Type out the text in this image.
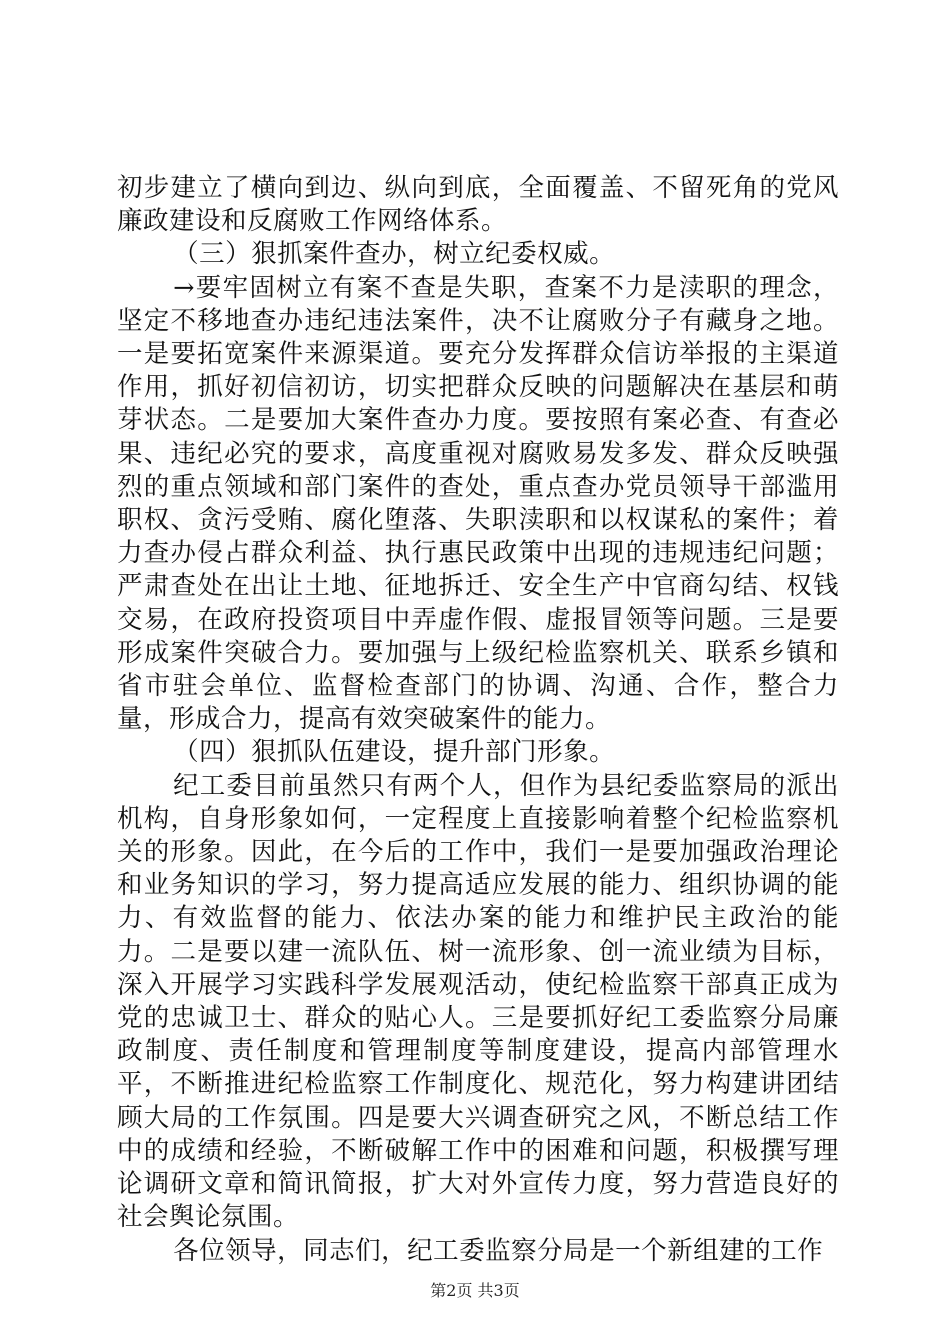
初步建立了横向到边、纵向到底，全面覆盖、不留死角的党风廉政建设和反腐败工作网络体系。

（三）狠抓案件查办，树立纪委权威。

→要牢固树立有案不查是失职，查案不力是渎职的理念，坚定不移地查办违纪违法案件，决不让腐败分子有藏身之地。一是要拓宽案件来源渠道。要充分发挥群众信访举报的主渠道作用，抓好初信初访，切实把群众反映的问题解决在基层和萌芽状态。二是要加大案件查办力度。要按照有案必查、有查必果、违纪必究的要求，高度重视对腐败易发多发、群众反映强烈的重点领域和部门案件的查处，重点查办党员领导干部滥用职权、贪污受贿、腐化堕落、失职渎职和以权谋私的案件；着力查办侵占群众利益、执行惠民政策中出现的违规违纪问题；严肃查处在出让土地、征地拆迁、安全生产中官商勾结、权钱交易，在政府投资项目中弄虚作假、虚报冒领等问题。三是要形成案件突破合力。要加强与上级纪检监察机关、联系乡镇和省市驻会单位、监督检查部门的协调、沟通、合作，整合力量，形成合力，提高有效突破案件的能力。

（四）狠抓队伍建设，提升部门形象。

纪工委目前虽然只有两个人，但作为县纪委监察局的派出机构，自身形象如何，一定程度上直接影响着整个纪检监察机关的形象。因此，在今后的工作中，我们一是要加强政治理论和业务知识的学习，努力提高适应发展的能力、组织协调的能力、有效监督的能力、依法办案的能力和维护民主政治的能力。二是要以建一流队伍、树一流形象、创一流业绩为目标，深入开展学习实践科学发展观活动，使纪检监察干部真正成为党的忠诚卫士、群众的贴心人。三是要抓好纪工委监察分局廉政制度、责任制度和管理制度等制度建设，提高内部管理水平，不断推进纪检监察工作制度化、规范化，努力构建讲团结顾大局的工作氛围。四是要大兴调查研究之风，不断总结工作中的成绩和经验，不断破解工作中的困难和问题，积极撰写理论调研文章和简讯简报，扩大对外宣传力度，努力营造良好的社会舆论氛围。

各位领导，同志们，纪工委监察分局是一个新组建的工作

第2页 共3页
